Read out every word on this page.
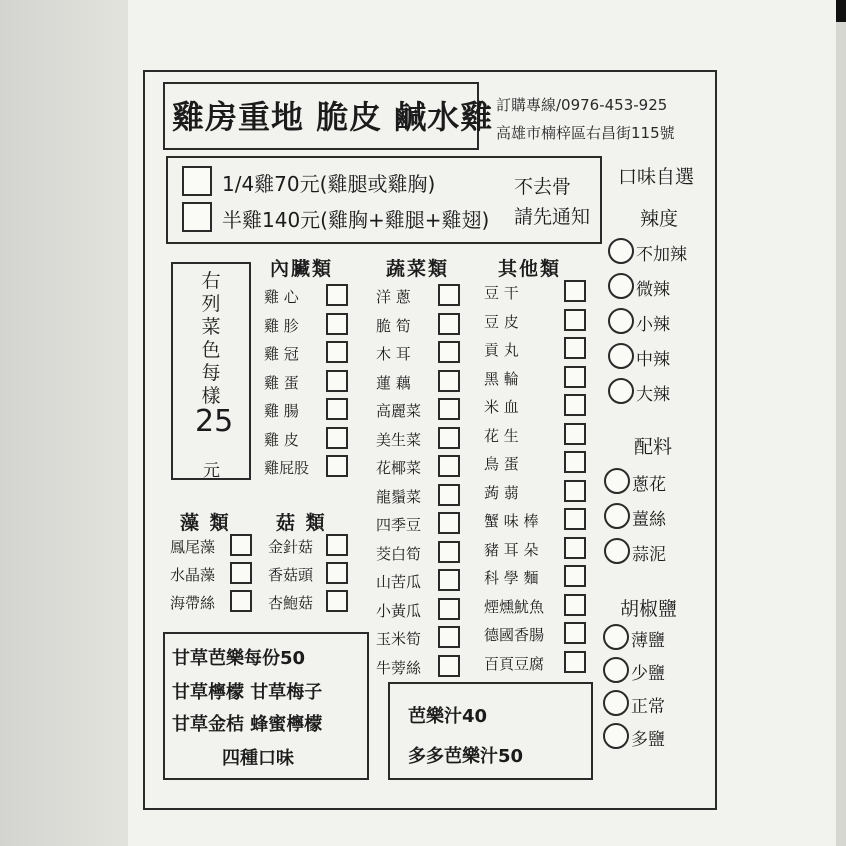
雞房重地 脆皮 鹹水雞 訂購專線/0976-453-925
高雄市楠梓區右昌街115號
1/4雞70元(雞腿或雞胸)
半雞140元(雞胸+雞腿+雞翅)
不去骨
請先通知
右列菜色每樣
25
元
內臟類	蔬菜類	其他類
雞 心
雞 胗
雞 冠
雞 蛋
雞 腸
雞 皮
雞屁股
洋 蔥
脆 筍
木 耳
蓮 藕
高麗菜
美生菜
花椰菜
龍鬚菜
四季豆
茭白筍
山苦瓜
小黃瓜
玉米筍
牛蒡絲
豆 干
豆 皮
貢 丸
黑 輪
米 血
花 生
鳥 蛋
蒟 蒻
蟹 味 棒
豬 耳 朵
科 學 麵
煙燻魷魚
德國香腸
百頁豆腐
藻 類 菇 類
鳳尾藻
水晶藻
海帶絲
金針菇
香菇頭
杏鮑菇
甘草芭樂每份50
甘草檸檬 甘草梅子
甘草金桔 蜂蜜檸檬
四種口味
芭樂汁40
多多芭樂汁50
口味自選
辣度
不加辣
微辣
小辣
中辣
大辣
配料
蔥花
薑絲
蒜泥
胡椒鹽
薄鹽
少鹽
正常
多鹽
